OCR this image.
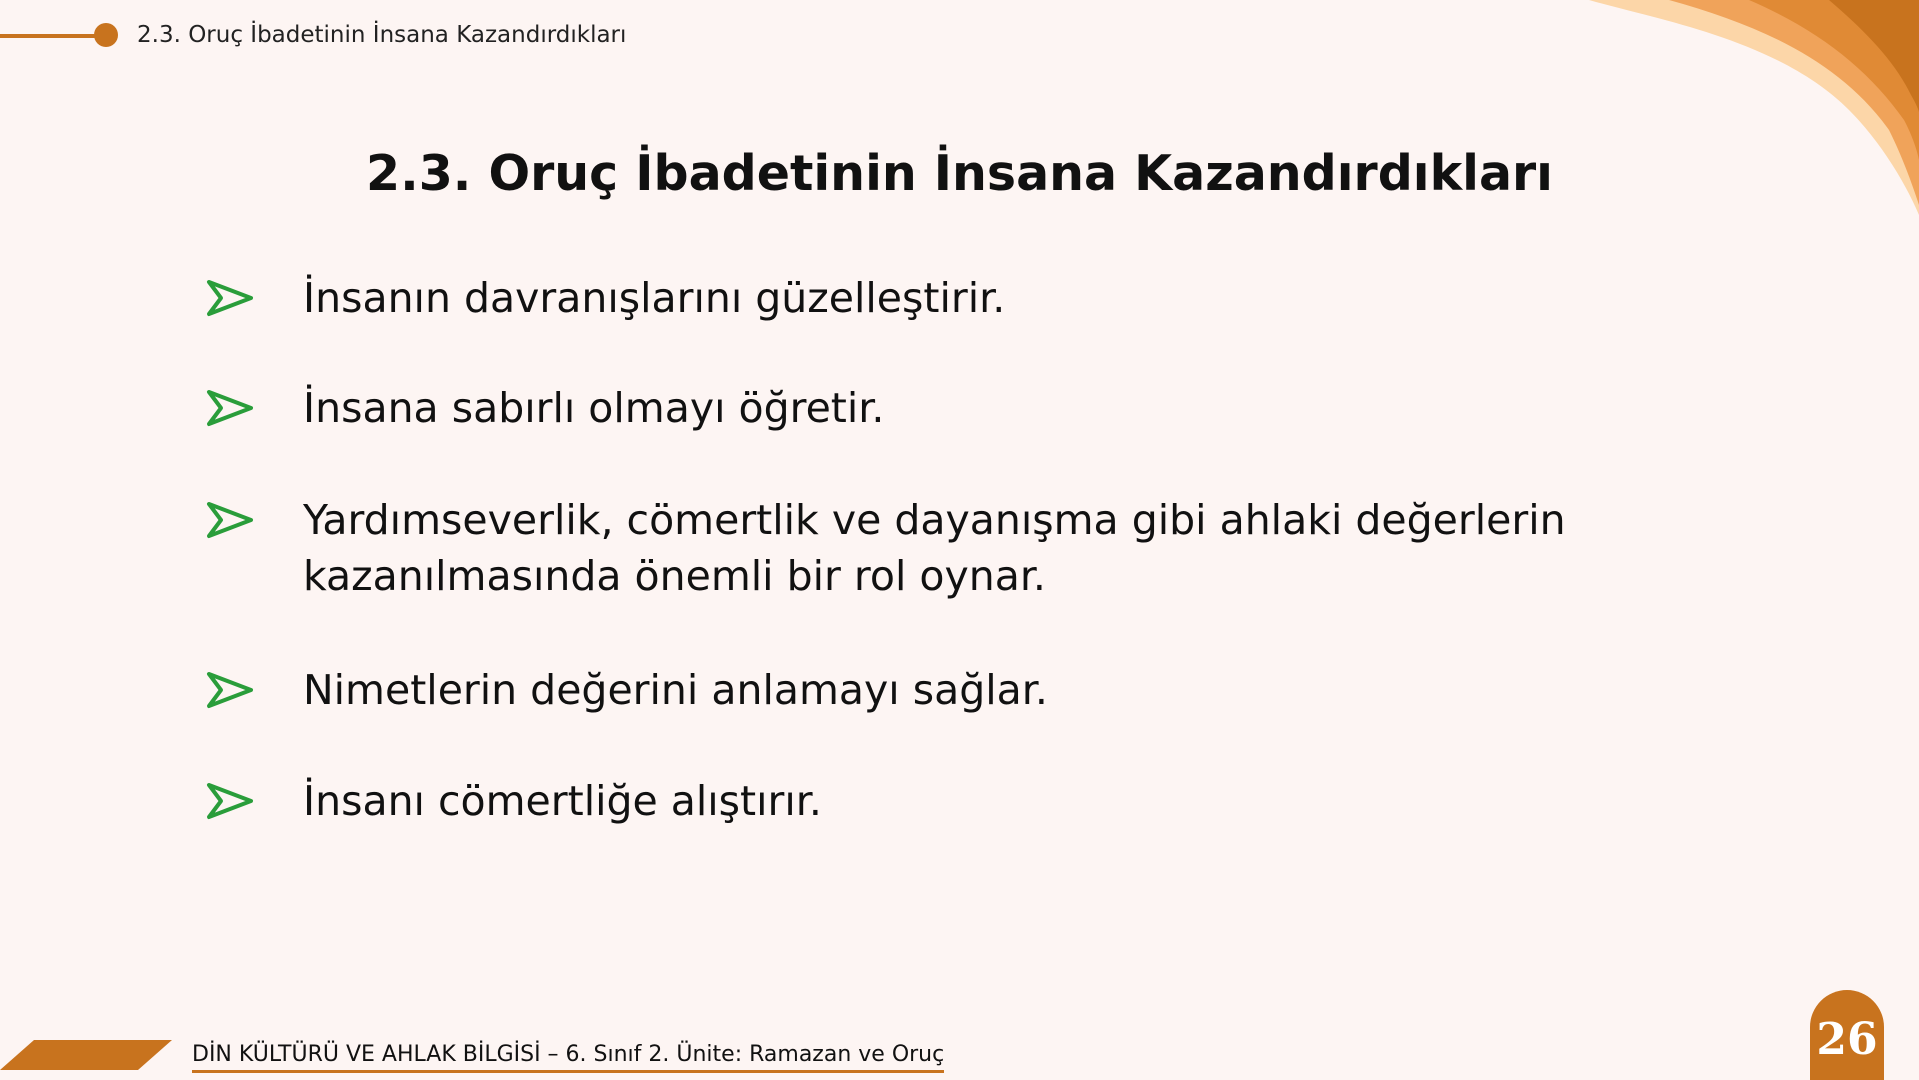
2.3. Oruç İbadetinin İnsana Kazandırdıkları
2.3. Oruç İbadetinin İnsana Kazandırdıkları
İnsanın davranışlarını güzelleştirir.
İnsana sabırlı olmayı öğretir.
Yardımseverlik, cömertlik ve dayanışma gibi ahlaki değerlerin kazanılmasında önemli bir rol oynar.
Nimetlerin değerini anlamayı sağlar.
İnsanı cömertliğe alıştırır.
DİN KÜLTÜRÜ VE AHLAK BİLGİSİ – 6. Sınıf 2. Ünite: Ramazan ve Oruç	26
